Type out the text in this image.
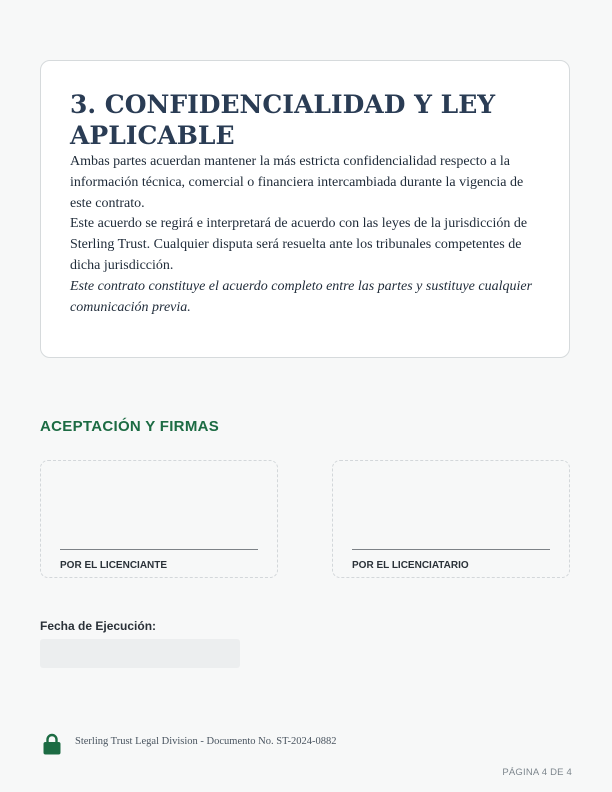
3. CONFIDENCIALIDAD Y LEY APLICABLE

Ambas partes acuerdan mantener la más estricta confidencialidad respecto a la información técnica, comercial o financiera intercambiada durante la vigencia de este contrato.

Este acuerdo se regirá e interpretará de acuerdo con las leyes de la jurisdicción de Sterling Trust. Cualquier disputa será resuelta ante los tribunales competentes de dicha jurisdicción.

Este contrato constituye el acuerdo completo entre las partes y sustituye cualquier comunicación previa.

ACEPTACIÓN Y FIRMAS
POR EL LICENCIANTE	POR EL LICENCIATARIO
Fecha de Ejecución:
Sterling Trust Legal Division - Documento No. ST-2024-0882
PÁGINA 4 DE 4
